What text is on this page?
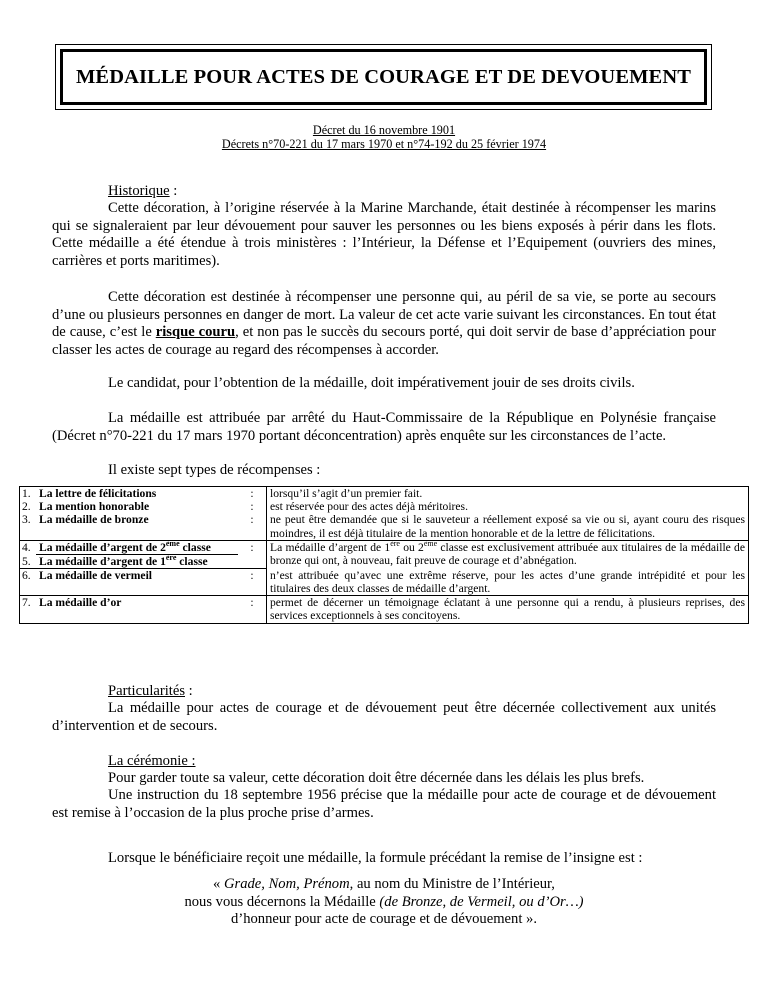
MÉDAILLE POUR ACTES DE COURAGE ET DE DEVOUEMENT
Décret du 16 novembre 1901
Décrets n°70-221 du 17 mars 1970 et n°74-192 du 25 février 1974
Historique :
Cette décoration, à l’origine réservée à la Marine Marchande, était destinée à récompenser les marins qui se signaleraient par leur dévouement pour sauver les personnes ou les biens exposés à périr dans les flots. Cette médaille a été étendue à trois ministères : l’Intérieur, la Défense et l’Equipement (ouvriers des mines, carrières et ports maritimes).
Cette décoration est destinée à récompenser une personne qui, au péril de sa vie, se porte au secours d’une ou plusieurs personnes en danger de mort. La valeur de cet acte varie suivant les circonstances. En tout état de cause, c’est le risque couru, et non pas le succès du secours porté, qui doit servir de base d’appréciation pour classer les actes de courage au regard des récompenses à accorder.
Le candidat, pour l’obtention de la médaille, doit impérativement jouir de ses droits civils.
La médaille est attribuée par arrêté du Haut-Commissaire de la République en Polynésie française (Décret n°70-221 du 17 mars 1970 portant déconcentration) après enquête sur les circonstances de l’acte.
Il existe sept types de récompenses :
1.	La lettre de félicitations	:	lorsqu’il s’agit d’un premier fait.
2.	La mention honorable	:	est réservée pour des actes déjà méritoires.
3.	La médaille de bronze	:	ne peut être demandée que si le sauveteur a réellement exposé sa vie ou si, ayant couru des risques moindres, il est déjà titulaire de la mention honorable et de la lettre de félicitations.
4.	La médaille d’argent de 2ème classe	:	La médaille d’argent de 1ère ou 2ème classe est exclusivement attribuée aux titulaires de la médaille de bronze qui ont, à nouveau, fait preuve de courage et d’abnégation.
5.	La médaille d’argent de 1ère classe		
6.	La médaille de vermeil	:	n’est attribuée qu’avec une extrême réserve, pour les actes d’une grande intrépidité et pour les titulaires des deux classes de médaille d’argent.
7.	La médaille d’or	:	permet de décerner un témoignage éclatant à une personne qui a rendu, à plusieurs reprises, des services exceptionnels à ses concitoyens.
Particularités :
La médaille pour actes de courage et de dévouement peut être décernée collectivement aux unités d’intervention et de secours.
La cérémonie :
Pour garder toute sa valeur, cette décoration doit être décernée dans les délais les plus brefs.
Une instruction du 18 septembre 1956 précise que la médaille pour acte de courage et de dévouement est remise à l’occasion de la plus proche prise d’armes.
Lorsque le bénéficiaire reçoit une médaille, la formule précédant la remise de l’insigne est :
« Grade, Nom, Prénom, au nom du Ministre de l’Intérieur,
nous vous décernons la Médaille (de Bronze, de Vermeil, ou d’Or…)
d’honneur pour acte de courage et de dévouement ».
